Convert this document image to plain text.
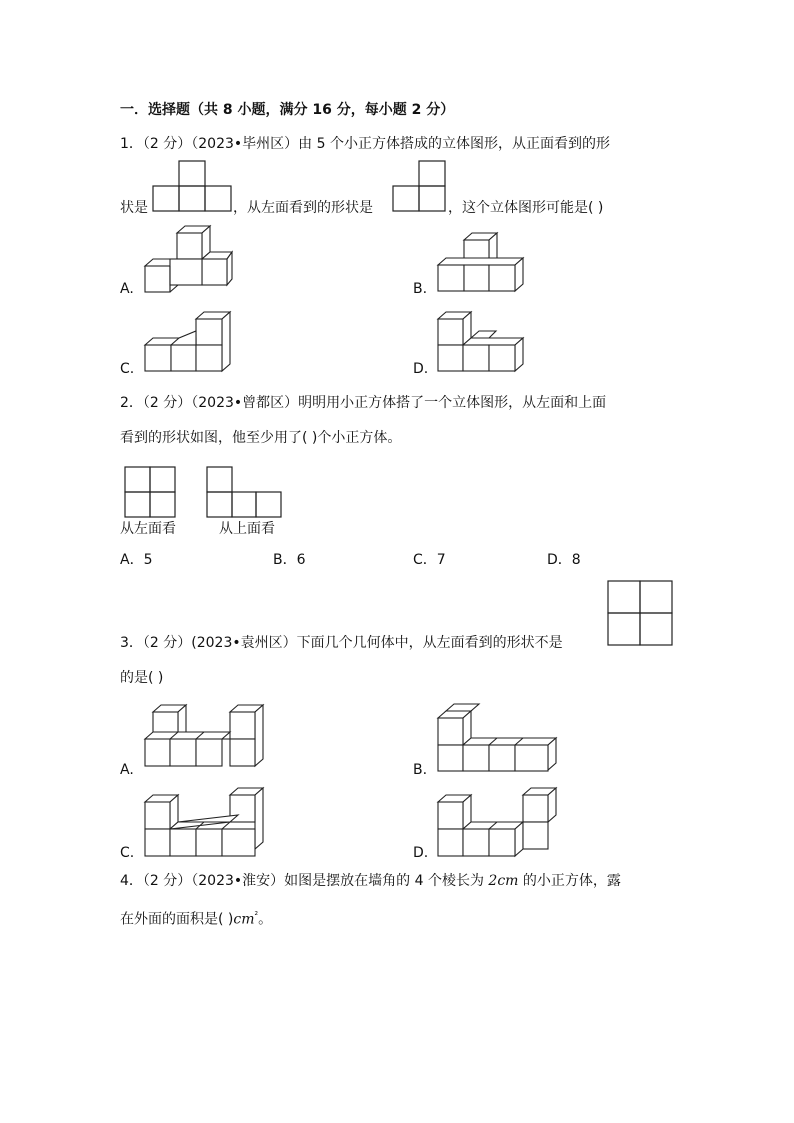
一．选择题（共 8 小题，满分 16 分，每小题 2 分）
1．（2 分）（2023•毕州区）由 5 个小正方体搭成的立体图形，从正面看到的形
状是	，从左面看到的形状是	，这个立体图形可能是( )
A.	B.
C.	D.
2．（2 分）（2023•曾都区）明明用小正方体搭了一个立体图形，从左面和上面
看到的形状如图，他至少用了( )个小正方体。
从左面看	从上面看
A．5	B．6	C．7	D．8
3．（2 分）(2023•袁州区）下面几个几何体中，从左面看到的形状不是
的是( )
A.	B.
C.	D.
4．（2 分）（2023•淮安）如图是摆放在墙角的 4 个棱长为 2cm 的小正方体，露
在外面的面积是( )$cm^{^2}$。
